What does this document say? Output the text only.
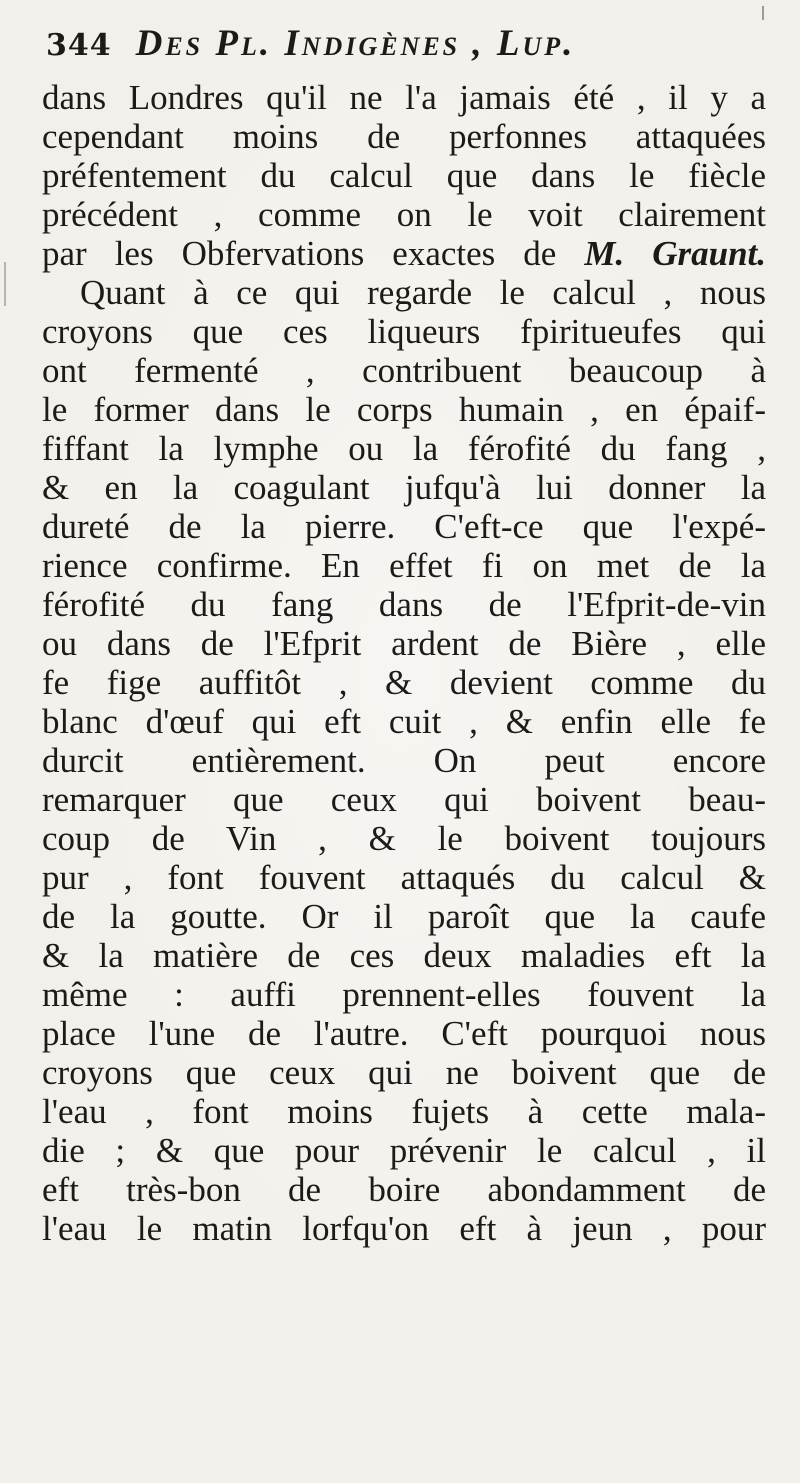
344 Des Pl. Indigènes , Lup.
dans Londres qu'il ne l'a jamais été , il y a
cependant moins de perfonnes attaquées
préfentement du calcul que dans le fiècle
précédent , comme on le voit clairement
par les Obfervations exactes de M. Graunt.
Quant à ce qui regarde le calcul , nous
croyons que ces liqueurs fpiritueufes qui
ont fermenté , contribuent beaucoup à
le former dans le corps humain , en épaif-
fiffant la lymphe ou la férofité du fang ,
& en la coagulant jufqu'à lui donner la
dureté de la pierre. C'eft-ce que l'expé-
rience confirme. En effet fi on met de la
férofité du fang dans de l'Efprit-de-vin
ou dans de l'Efprit ardent de Bière , elle
fe fige auffitôt , & devient comme du
blanc d'œuf qui eft cuit , & enfin elle fe
durcit entièrement. On peut encore
remarquer que ceux qui boivent beau-
coup de Vin , & le boivent toujours
pur , font fouvent attaqués du calcul &
de la goutte. Or il paroît que la caufe
& la matière de ces deux maladies eft la
même : auffi prennent-elles fouvent la
place l'une de l'autre. C'eft pourquoi nous
croyons que ceux qui ne boivent que de
l'eau , font moins fujets à cette mala-
die ; & que pour prévenir le calcul , il
eft très-bon de boire abondamment de
l'eau le matin lorfqu'on eft à jeun , pour
